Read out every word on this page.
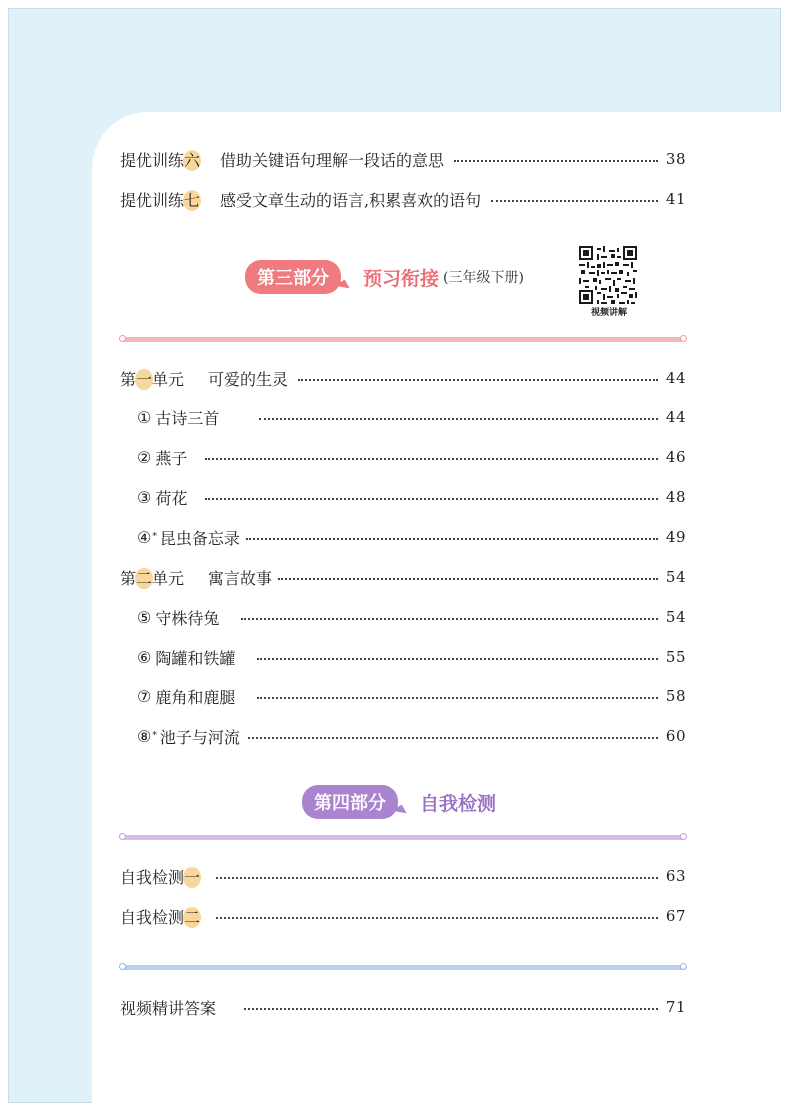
提优训练六 借助关键语句理解一段话的意思	38
提优训练七 感受文章生动的语言,积累喜欢的语句	41
第三部分	预习衔接 (三年级下册)
视频讲解
第一单元 可爱的生灵	44
① 古诗三首	44
② 燕子	46
③ 荷花	48
④ * 昆虫备忘录	49
第二单元 寓言故事	54
⑤ 守株待兔	54
⑥ 陶罐和铁罐	55
⑦ 鹿角和鹿腿	58
⑧ * 池子与河流	60
第四部分	自我检测
自我检测一	63
自我检测二	67
视频精讲答案	71
